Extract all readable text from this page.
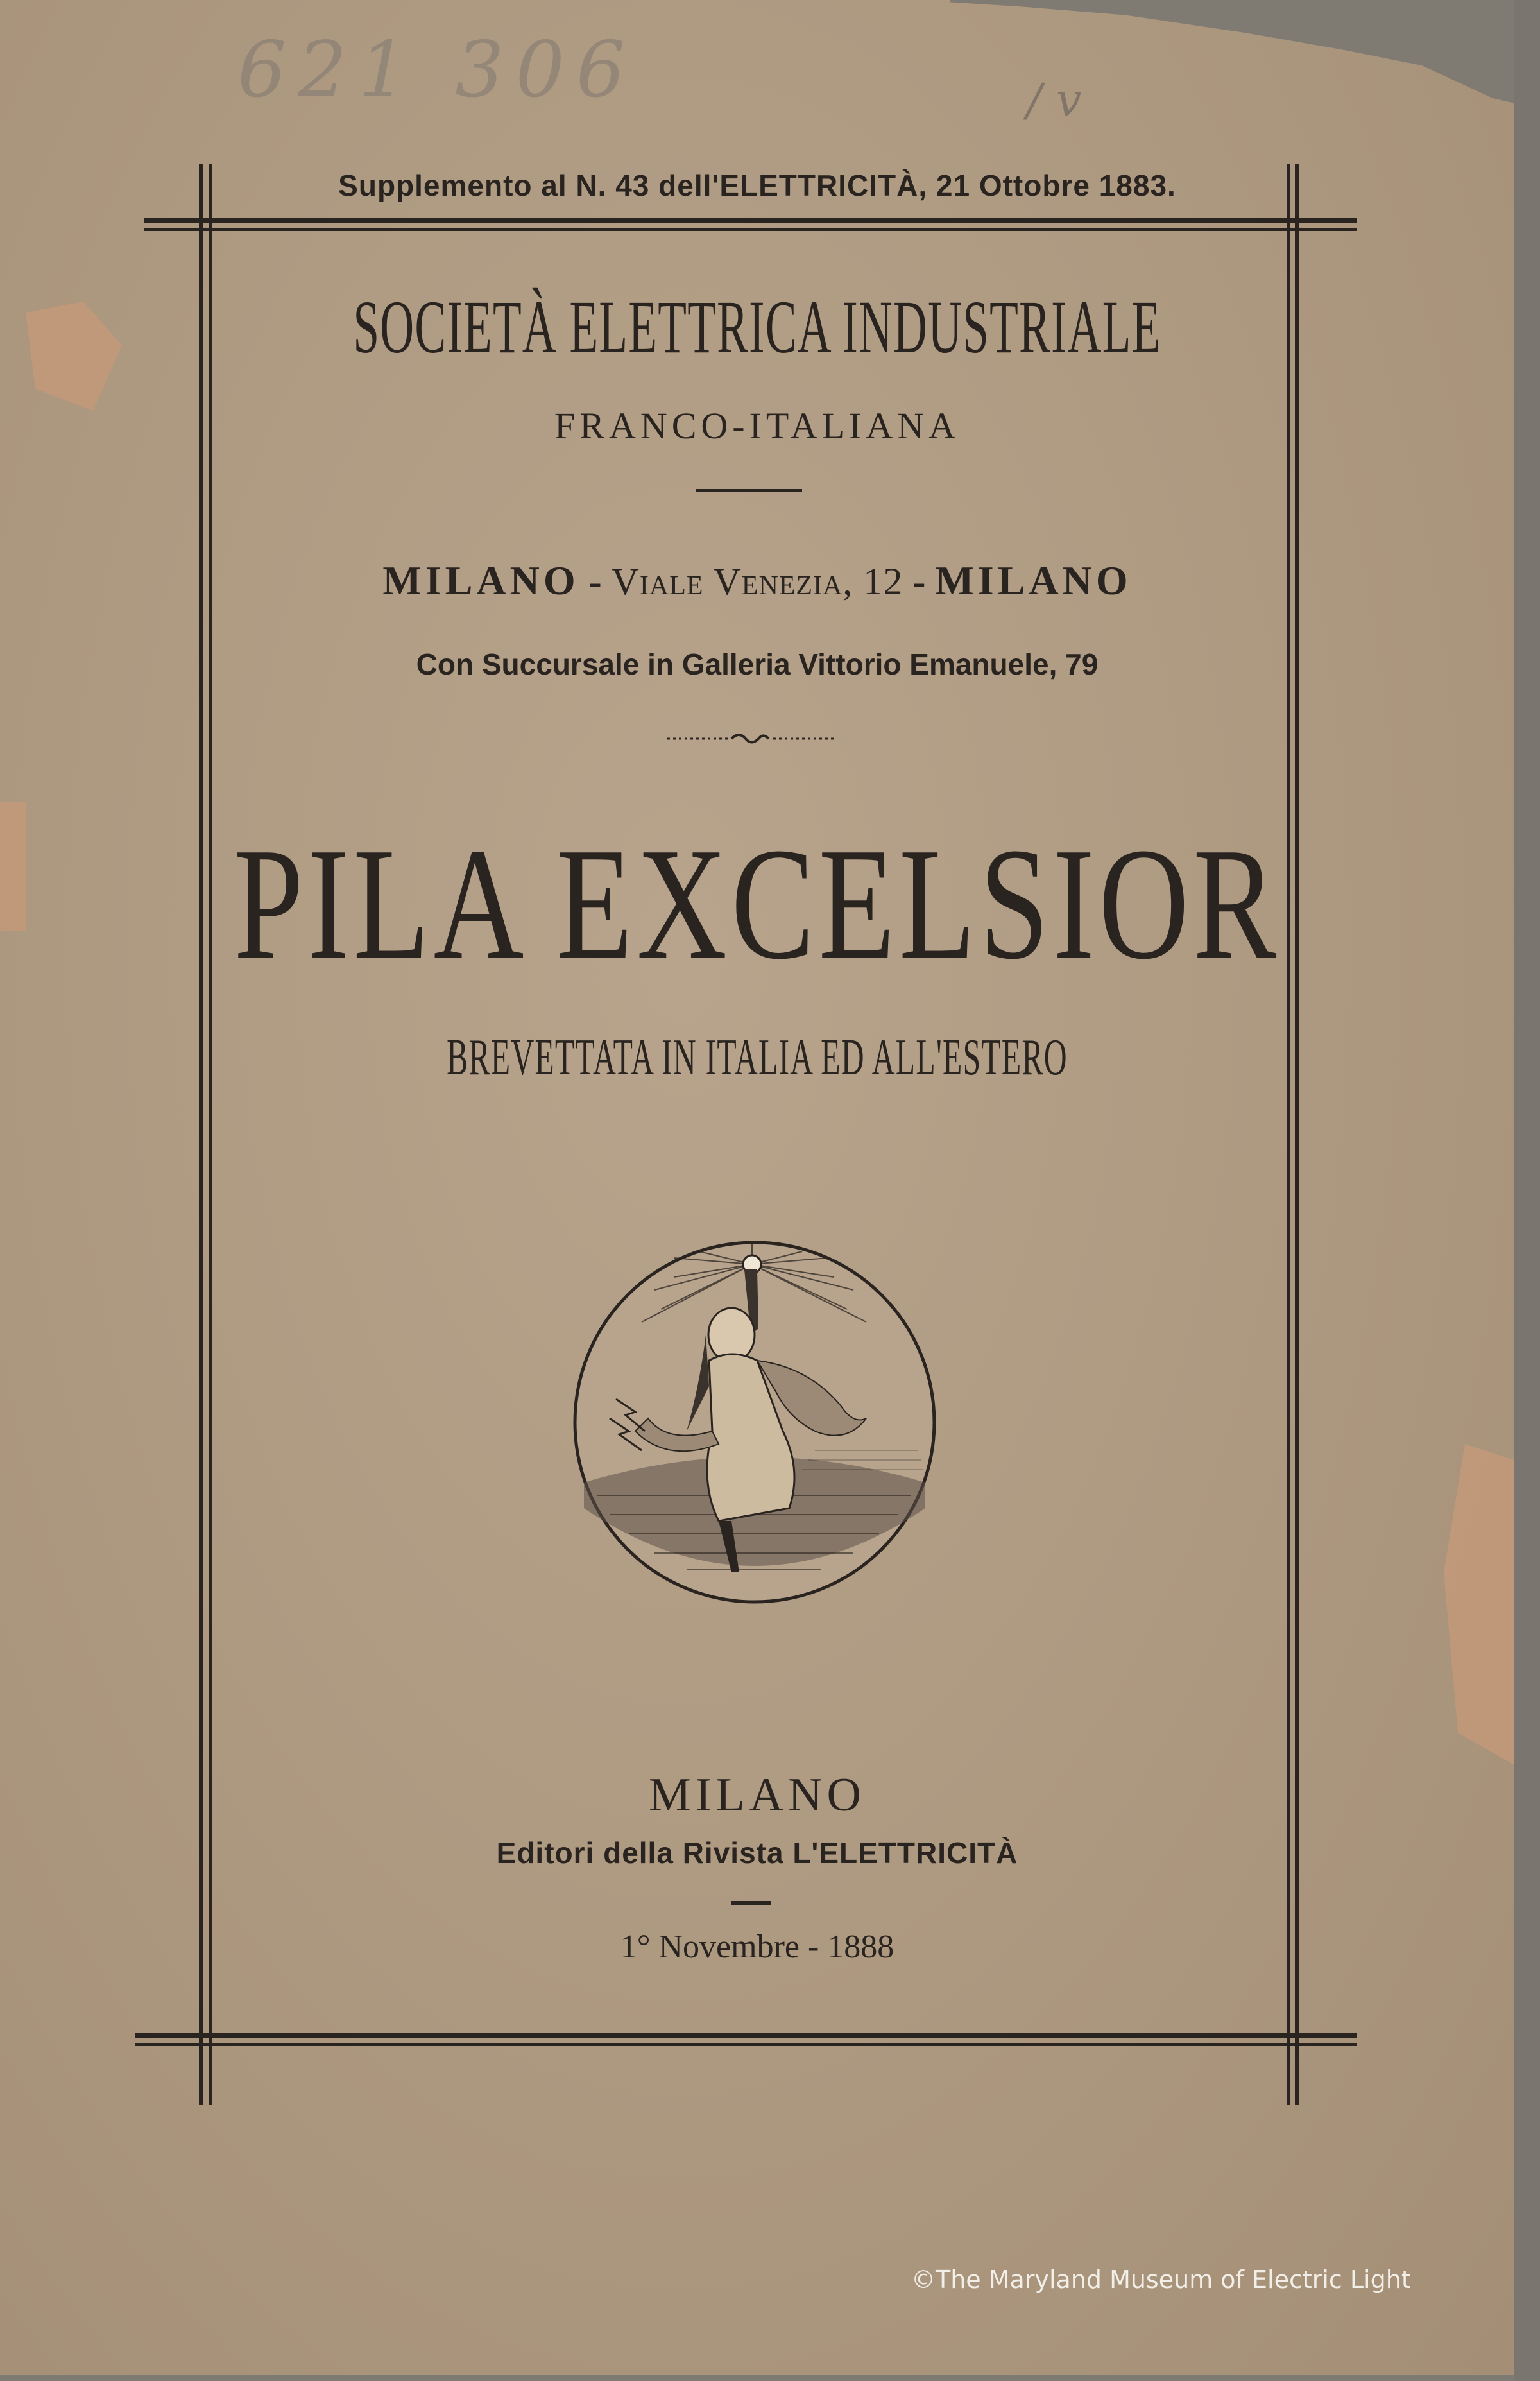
621 306	/ v
Supplemento al N. 43 dell'ELETTRICITÀ, 21 Ottobre 1883.
SOCIETÀ ELETTRICA INDUSTRIALE
FRANCO-ITALIANA
MILANO - Viale Venezia, 12 - MILANO
Con Succursale in Galleria Vittorio Emanuele, 79
PILA EXCELSIOR
BREVETTATA IN ITALIA ED ALL'ESTERO
MILANO
Editori della Rivista L'ELETTRICITÀ
1° Novembre - 1888
©The Maryland Museum of Electric Light
